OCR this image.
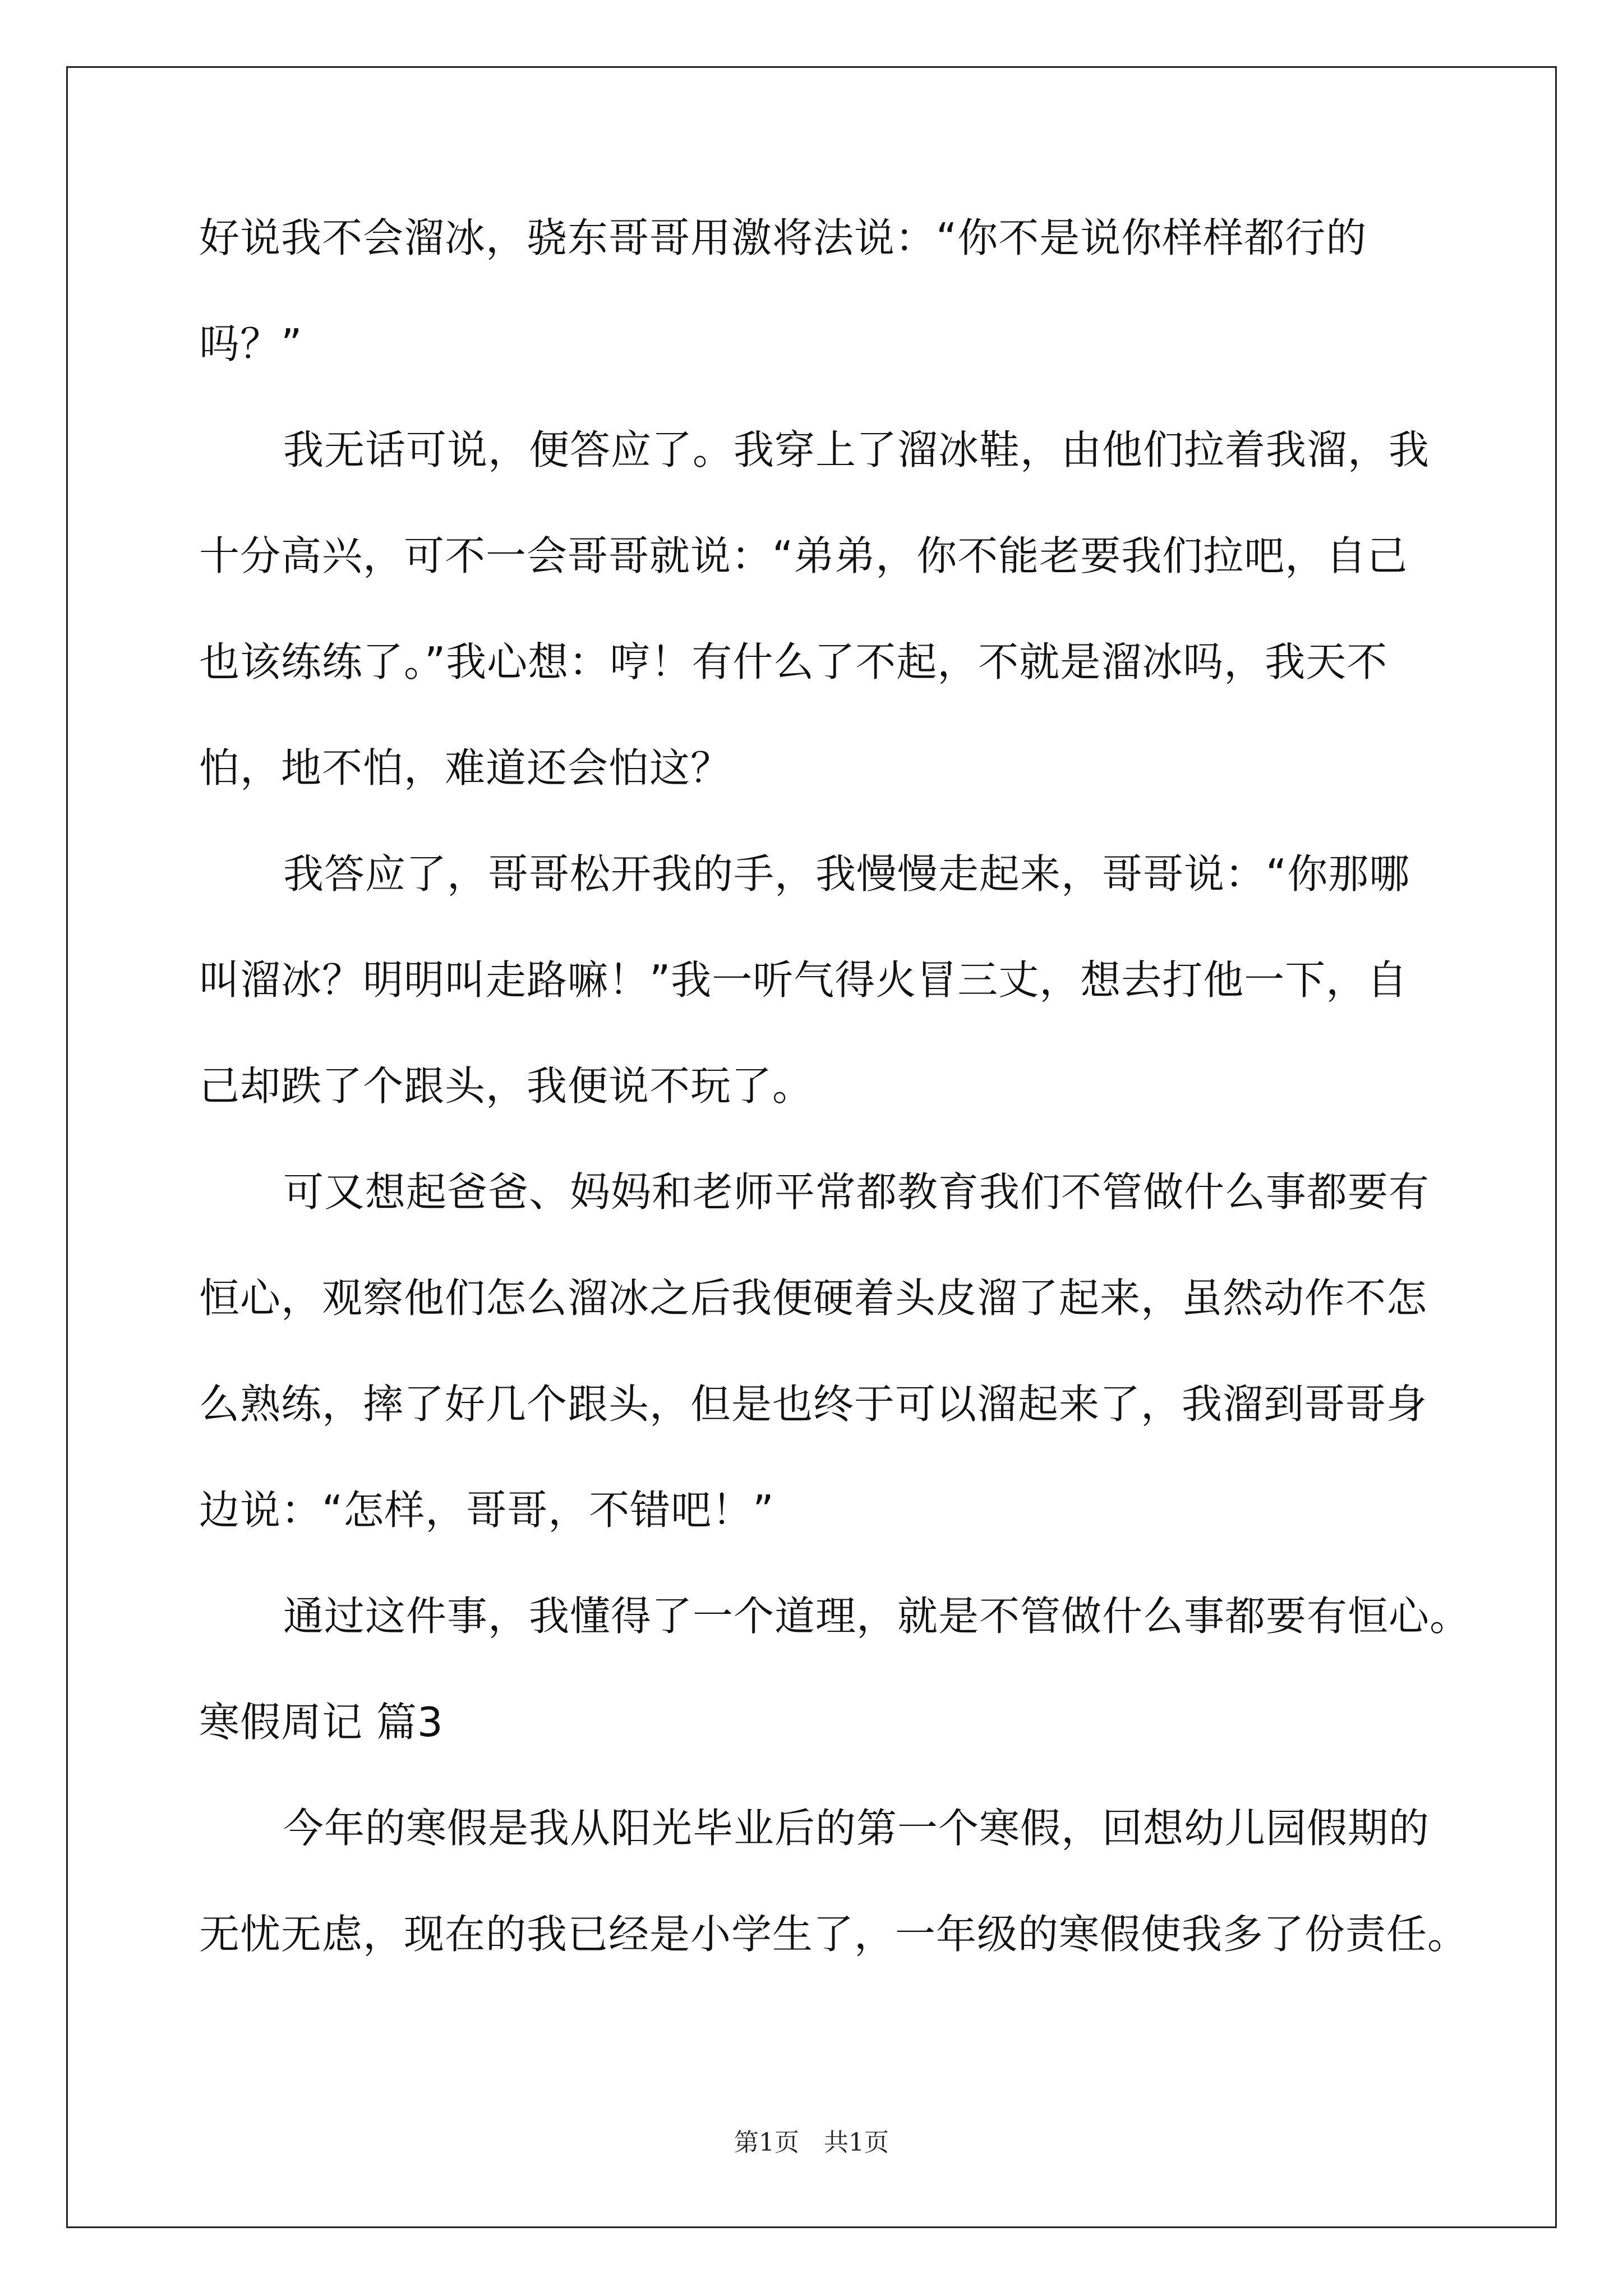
好说我不会溜冰，骁东哥哥用激将法说：“你不是说你样样都行的
吗？”
我无话可说，便答应了。我穿上了溜冰鞋，由他们拉着我溜，我
十分高兴，可不一会哥哥就说：“弟弟，你不能老要我们拉吧，自己
也该练练了。”我心想：哼！有什么了不起，不就是溜冰吗，我天不
怕，地不怕，难道还会怕这？
我答应了，哥哥松开我的手，我慢慢走起来，哥哥说：“你那哪
叫溜冰？明明叫走路嘛！”我一听气得火冒三丈，想去打他一下，自
己却跌了个跟头，我便说不玩了。
可又想起爸爸、妈妈和老师平常都教育我们不管做什么事都要有
恒心，观察他们怎么溜冰之后我便硬着头皮溜了起来，虽然动作不怎
么熟练，摔了好几个跟头，但是也终于可以溜起来了，我溜到哥哥身
边说：“怎样，哥哥，不错吧！”
通过这件事，我懂得了一个道理，就是不管做什么事都要有恒心。
寒假周记 篇3
今年的寒假是我从阳光毕业后的第一个寒假，回想幼儿园假期的
无忧无虑，现在的我已经是小学生了，一年级的寒假使我多了份责任。
第1页　共1页
